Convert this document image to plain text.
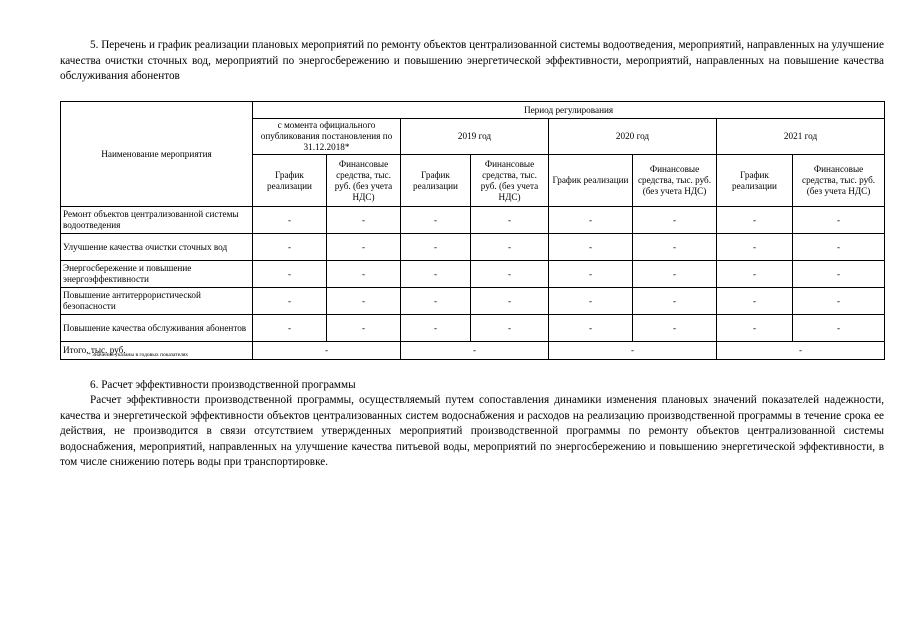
5. Перечень и график реализации плановых мероприятий по ремонту объектов централизованной системы водоотведения, мероприятий, направленных на улучшение качества очистки сточных вод, мероприятий по энергосбережению и повышению энергетической эффективности, мероприятий, направленных на повышение качества обслуживания абонентов

Наименование мероприятия	Период регулирования							
	с момента официального опубликования постановления по 31.12.2018*		2019 год		2020 год		2021 год	
	График реализации	Финансовые средства, тыс. руб. (без учета НДС)	График реализации	Финансовые средства, тыс. руб. (без учета НДС)	График реализации	Финансовые средства, тыс. руб. (без учета НДС)	График реализации	Финансовые средства, тыс. руб. (без учета НДС)
Ремонт объектов централизованной системы водоотведения	-	-	-	-	-	-	-	-
Улучшение качества очистки сточных вод	-	-	-	-	-	-	-	-
Энергосбережение и повышение энергоэффективности	-	-	-	-	-	-	-	-
Повышение антитеррористической безопасности	-	-	-	-	-	-	-	-
Повышение качества обслуживания абонентов	-	-	-	-	-	-	-	-
Итого, тыс. руб.	-		-		-		-	
* Значения указаны в годовых показателях

6. Расчет эффективности производственной программы

Расчет эффективности производственной программы, осуществляемый путем сопоставления динамики изменения плановых значений показателей надежности, качества и энергетической эффективности объектов централизованных систем водоснабжения и расходов на реализацию производственной программы в течение срока ее действия, не производится в связи отсутствием утвержденных мероприятий производственной программы по ремонту объектов централизованной системы водоснабжения, мероприятий, направленных на улучшение качества питьевой воды, мероприятий по энергосбережению и повышению энергетической эффективности, в том числе снижению потерь воды при транспортировке.
